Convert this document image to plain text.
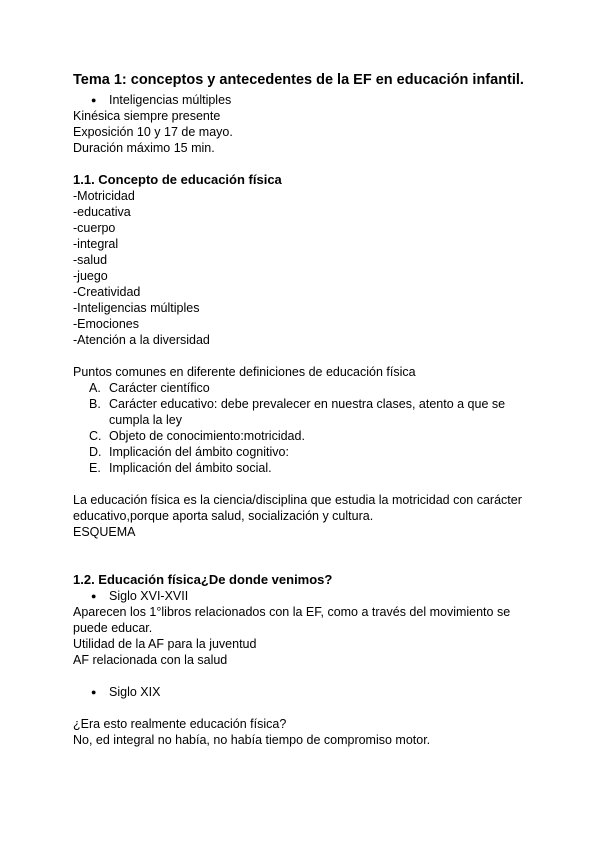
Tema 1: conceptos y antecedentes de la EF en educación infantil.
● Inteligencias múltiples
Kinésica siempre presente
Exposición 10 y 17 de mayo.
Duración máximo 15 min.
1.1. Concepto de educación física
-Motricidad
-educativa
-cuerpo
-integral
-salud
-juego
-Creatividad
-Inteligencias múltiples
-Emociones
-Atención a la diversidad
Puntos comunes en diferente definiciones de educación física
A. Carácter científico
B. Carácter educativo: debe prevalecer en nuestra clases, atento a que se
cumpla la ley
C. Objeto de conocimiento:motricidad.
D. Implicación del ámbito cognitivo:
E. Implicación del ámbito social.
La educación física es la ciencia/disciplina que estudia la motricidad con carácter
educativo,porque aporta salud, socialización y cultura.
ESQUEMA
1.2. Educación física¿De donde venimos?
● Siglo XVI-XVII
Aparecen los 1°libros relacionados con la EF, como a través del movimiento se
puede educar.
Utilidad de la AF para la juventud
AF relacionada con la salud
● Siglo XIX
¿Era esto realmente educación física?
No, ed integral no había, no había tiempo de compromiso motor.
